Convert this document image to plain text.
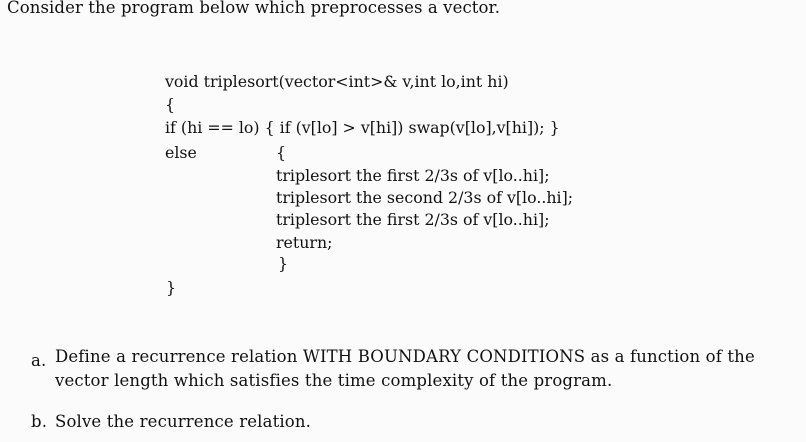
Consider the program below which preprocesses a vector.
void triplesort(vector<int>& v,int lo,int hi)
{
if (hi == lo) { if (v[lo] > v[hi]) swap(v[lo],v[hi]); }
else	{
triplesort the first 2/3s of v[lo..hi];
triplesort the second 2/3s of v[lo..hi];
triplesort the first 2/3s of v[lo..hi];
return;
}
}
a. Define a recurrence relation WITH BOUNDARY CONDITIONS as a function of the
vector length which satisfies the time complexity of the program.
b. Solve the recurrence relation.
